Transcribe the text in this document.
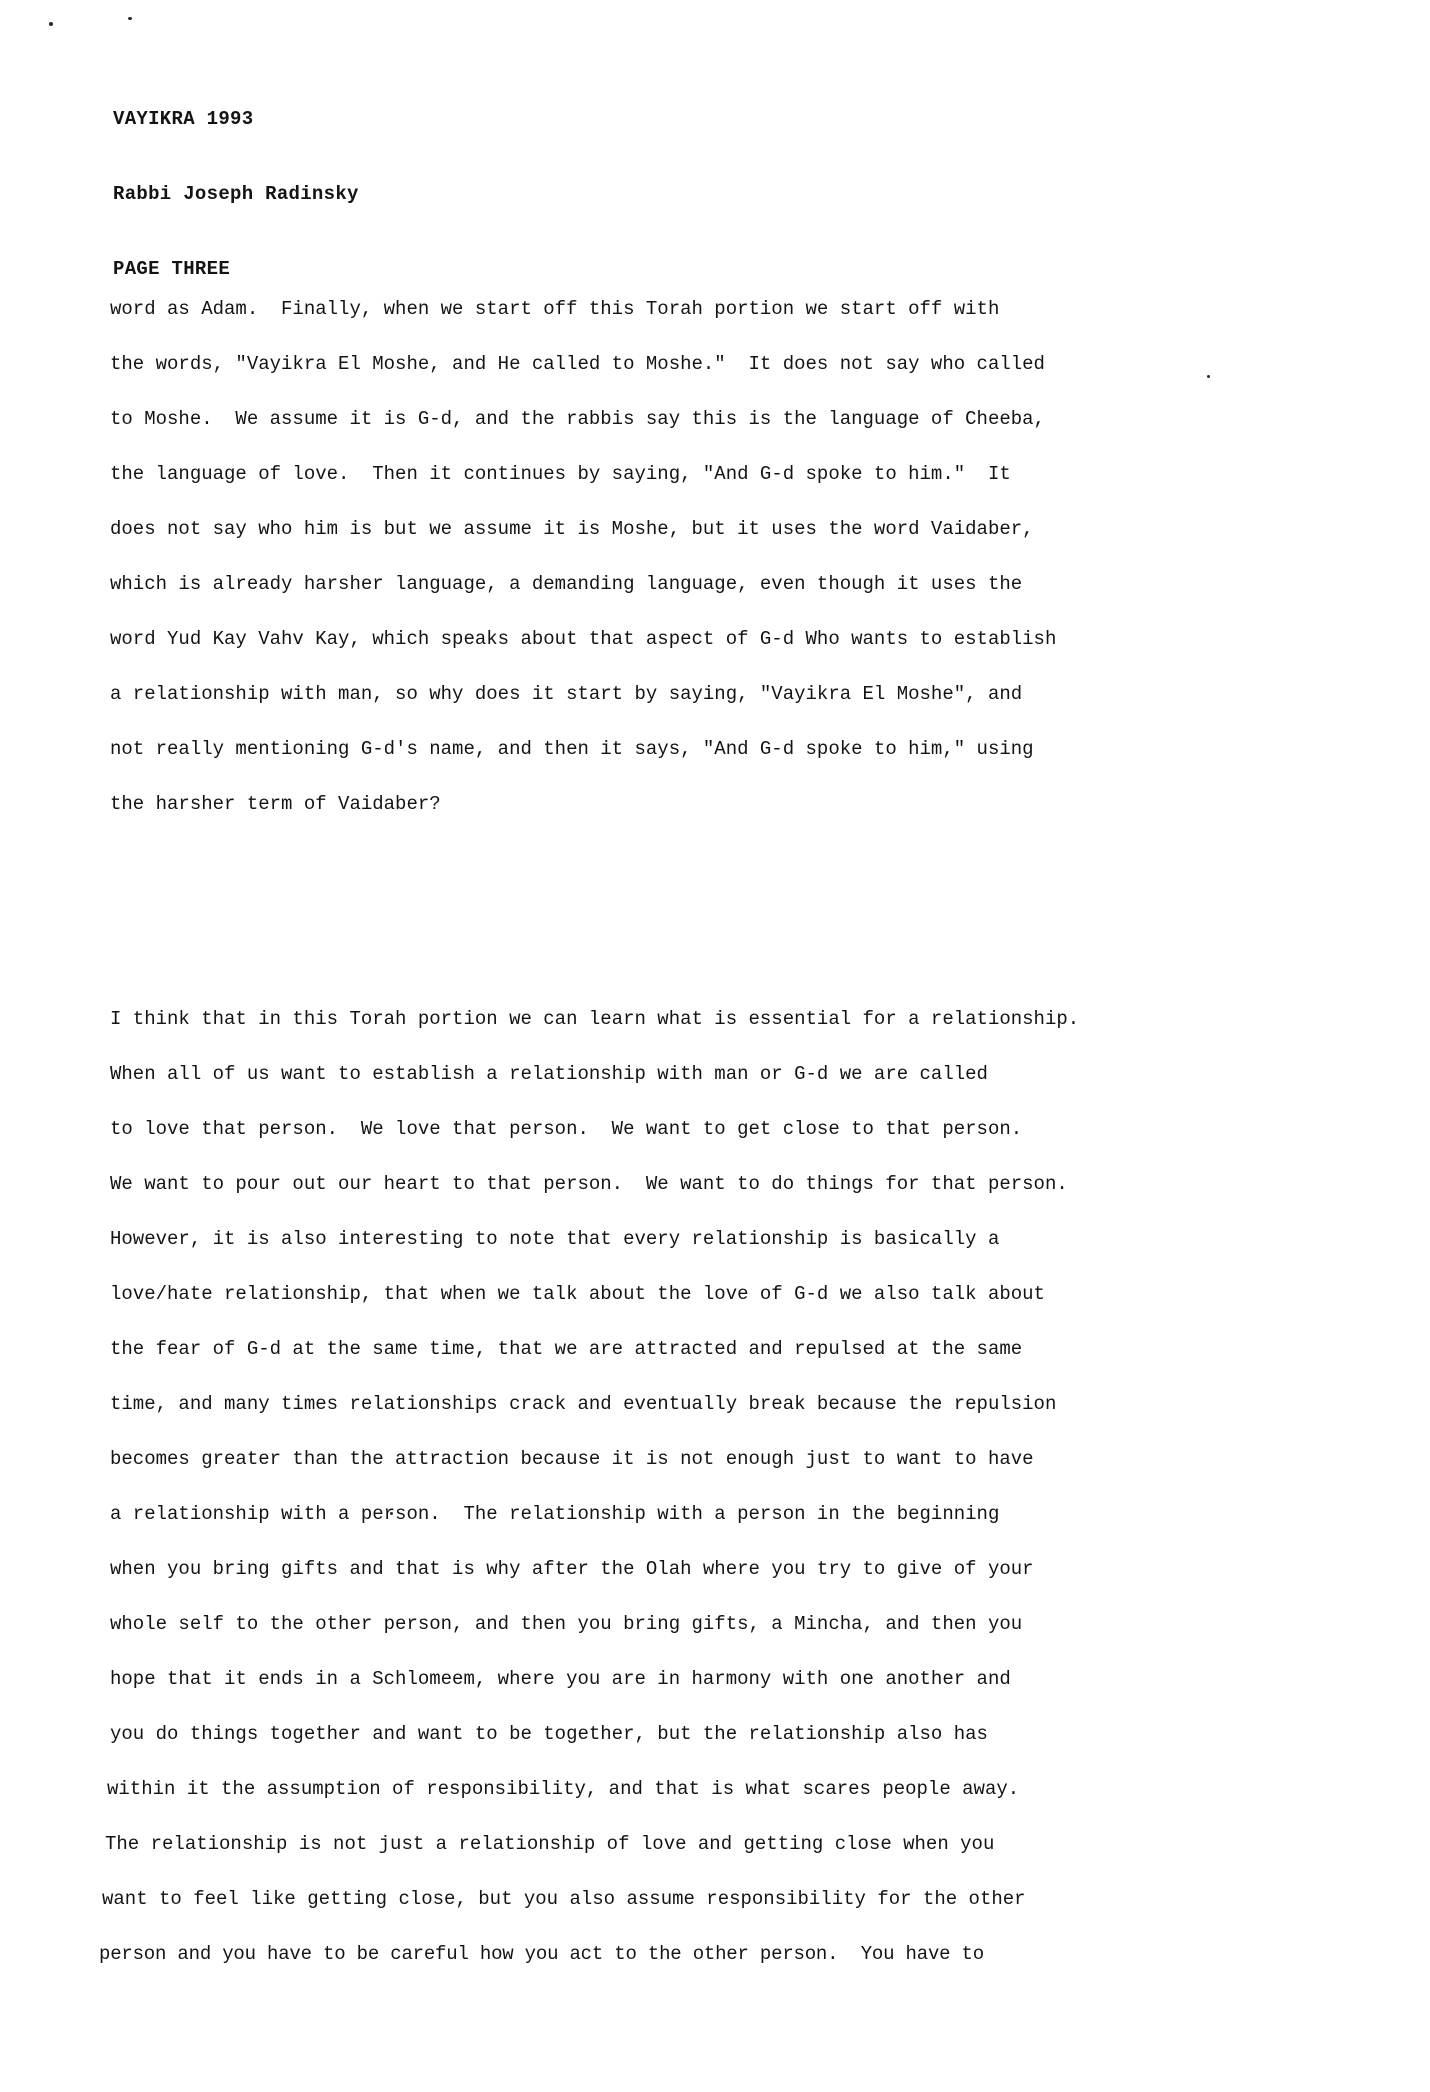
VAYIKRA 1993

Rabbi Joseph Radinsky

PAGE THREE

word as Adam.  Finally, when we start off this Torah portion we start off with
the words, "Vayikra El Moshe, and He called to Moshe."  It does not say who called
to Moshe.  We assume it is G-d, and the rabbis say this is the language of Cheeba,
the language of love.  Then it continues by saying, "And G-d spoke to him."  It
does not say who him is but we assume it is Moshe, but it uses the word Vaidaber,
which is already harsher language, a demanding language, even though it uses the
word Yud Kay Vahv Kay, which speaks about that aspect of G-d Who wants to establish
a relationship with man, so why does it start by saying, "Vayikra El Moshe", and
not really mentioning G-d's name, and then it says, "And G-d spoke to him," using
the harsher term of Vaidaber?

I think that in this Torah portion we can learn what is essential for a relationship.
When all of us want to establish a relationship with man or G-d we are called
to love that person.  We love that person.  We want to get close to that person.
We want to pour out our heart to that person.  We want to do things for that person.
However, it is also interesting to note that every relationship is basically a
love/hate relationship, that when we talk about the love of G-d we also talk about
the fear of G-d at the same time, that we are attracted and repulsed at the same
time, and many times relationships crack and eventually break because the repulsion
becomes greater than the attraction because it is not enough just to want to have
a relationship with a person.  The relationship with a person in the beginning
when you bring gifts and that is why after the Olah where you try to give of your
whole self to the other person, and then you bring gifts, a Mincha, and then you
hope that it ends in a Schlomeem, where you are in harmony with one another and
you do things together and want to be together, but the relationship also has
within it the assumption of responsibility, and that is what scares people away.
The relationship is not just a relationship of love and getting close when you
want to feel like getting close, but you also assume responsibility for the other
person and you have to be careful how you act to the other person.  You have to
